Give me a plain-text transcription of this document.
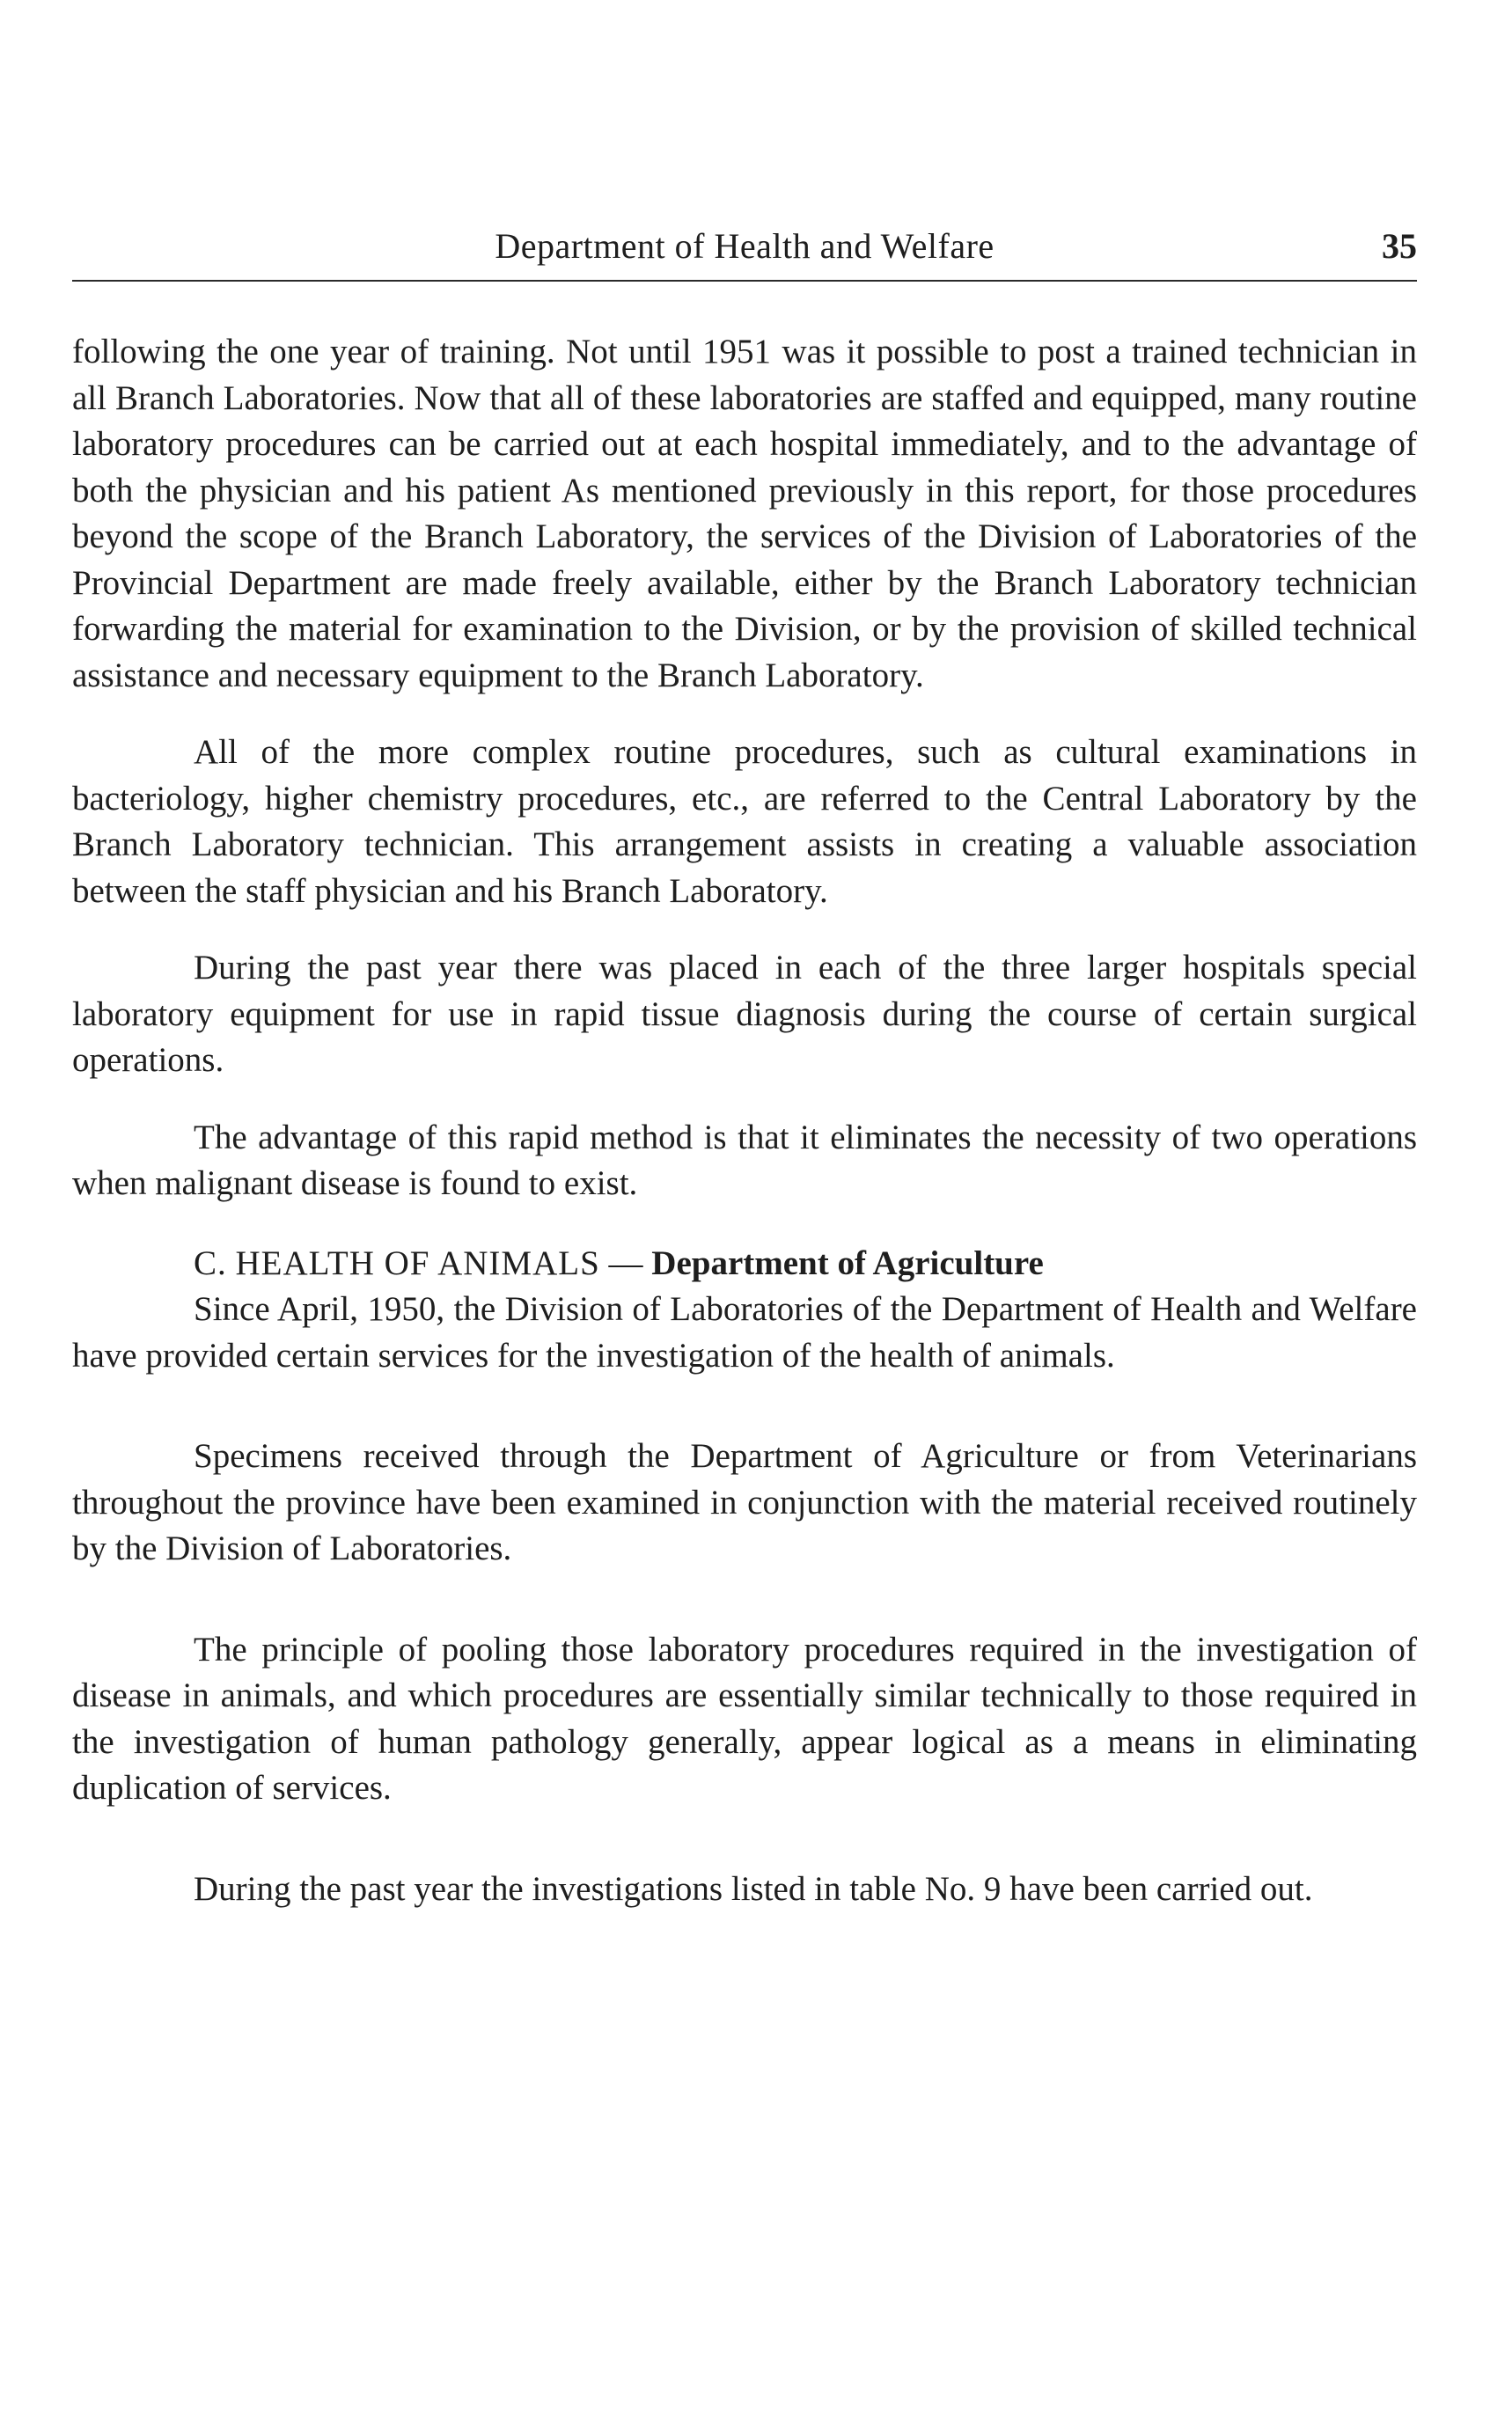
Department of Health and Welfare	35

following the one year of training. Not until 1951 was it possible to post a trained technician in all Branch Laboratories. Now that all of these laboratories are staffed and equipped, many routine laboratory procedures can be carried out at each hospital immediately, and to the advantage of both the physician and his patient As mentioned previously in this report, for those procedures beyond the scope of the Branch Laboratory, the services of the Division of Laboratories of the Provincial Department are made freely available, either by the Branch Laboratory technician forwarding the material for examination to the Division, or by the provision of skilled technical assistance and necessary equipment to the Branch Laboratory.

All of the more complex routine procedures, such as cultural examinations in bacteriology, higher chemistry procedures, etc., are referred to the Central Laboratory by the Branch Laboratory technician. This arrangement assists in creating a valuable association between the staff physician and his Branch Laboratory.

During the past year there was placed in each of the three larger hospitals special laboratory equipment for use in rapid tissue diagnosis during the course of certain surgical operations.

The advantage of this rapid method is that it eliminates the necessity of two operations when malignant disease is found to exist.

C. HEALTH OF ANIMALS — Department of Agriculture

Since April, 1950, the Division of Laboratories of the Department of Health and Welfare have provided certain services for the investigation of the health of animals.

Specimens received through the Department of Agriculture or from Veterinarians throughout the province have been examined in conjunction with the material received routinely by the Division of Laboratories.

The principle of pooling those laboratory procedures required in the investigation of disease in animals, and which procedures are essentially similar technically to those required in the investigation of human pathology generally, appear logical as a means in eliminating duplication of services.

During the past year the investigations listed in table No. 9 have been carried out.
